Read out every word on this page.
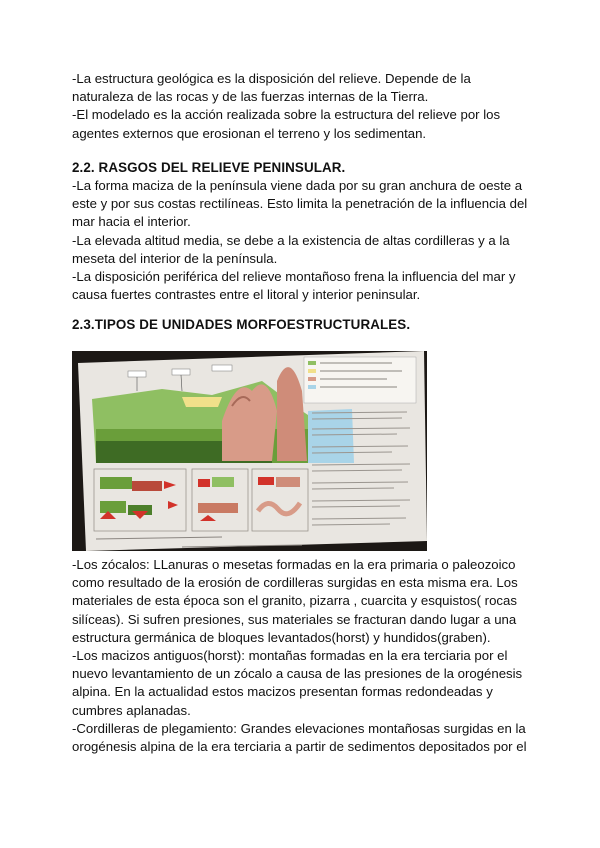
-La estructura geológica es la disposición del relieve. Depende de la naturaleza de las rocas y de las fuerzas internas de la Tierra.

-El modelado es la acción realizada sobre la estructura del relieve por los agentes externos que erosionan el terreno y los sedimentan.

2.2. RASGOS DEL RELIEVE PENINSULAR.

-La forma maciza de la península viene dada por su gran anchura de oeste a este y por sus costas rectilíneas. Esto limita la penetración de la influencia del mar hacia el interior.

-La elevada altitud media, se debe a la existencia de altas cordilleras y a la meseta del interior de la península.

-La disposición periférica del relieve montañoso frena la influencia del mar y causa fuertes contrastes entre el litoral y interior peninsular.

2.3.TIPOS DE UNIDADES MORFOESTRUCTURALES.

-Los zócalos: LLanuras o mesetas formadas en la era primaria o paleozoico como resultado de la erosión de cordilleras surgidas en esta misma era. Los materiales de esta época son el granito, pizarra , cuarcita y esquistos( rocas silíceas). Si sufren presiones, sus materiales se fracturan dando lugar a una estructura germánica de bloques levantados(horst) y hundidos(graben).

-Los macizos antiguos(horst): montañas formadas en la era terciaria por el nuevo levantamiento de un zócalo a causa de las presiones de la orogénesis alpina. En la actualidad estos macizos presentan formas redondeadas y cumbres aplanadas.

-Cordilleras de plegamiento: Grandes elevaciones montañosas surgidas en la orogénesis alpina de la era terciaria a partir de sedimentos depositados por el
